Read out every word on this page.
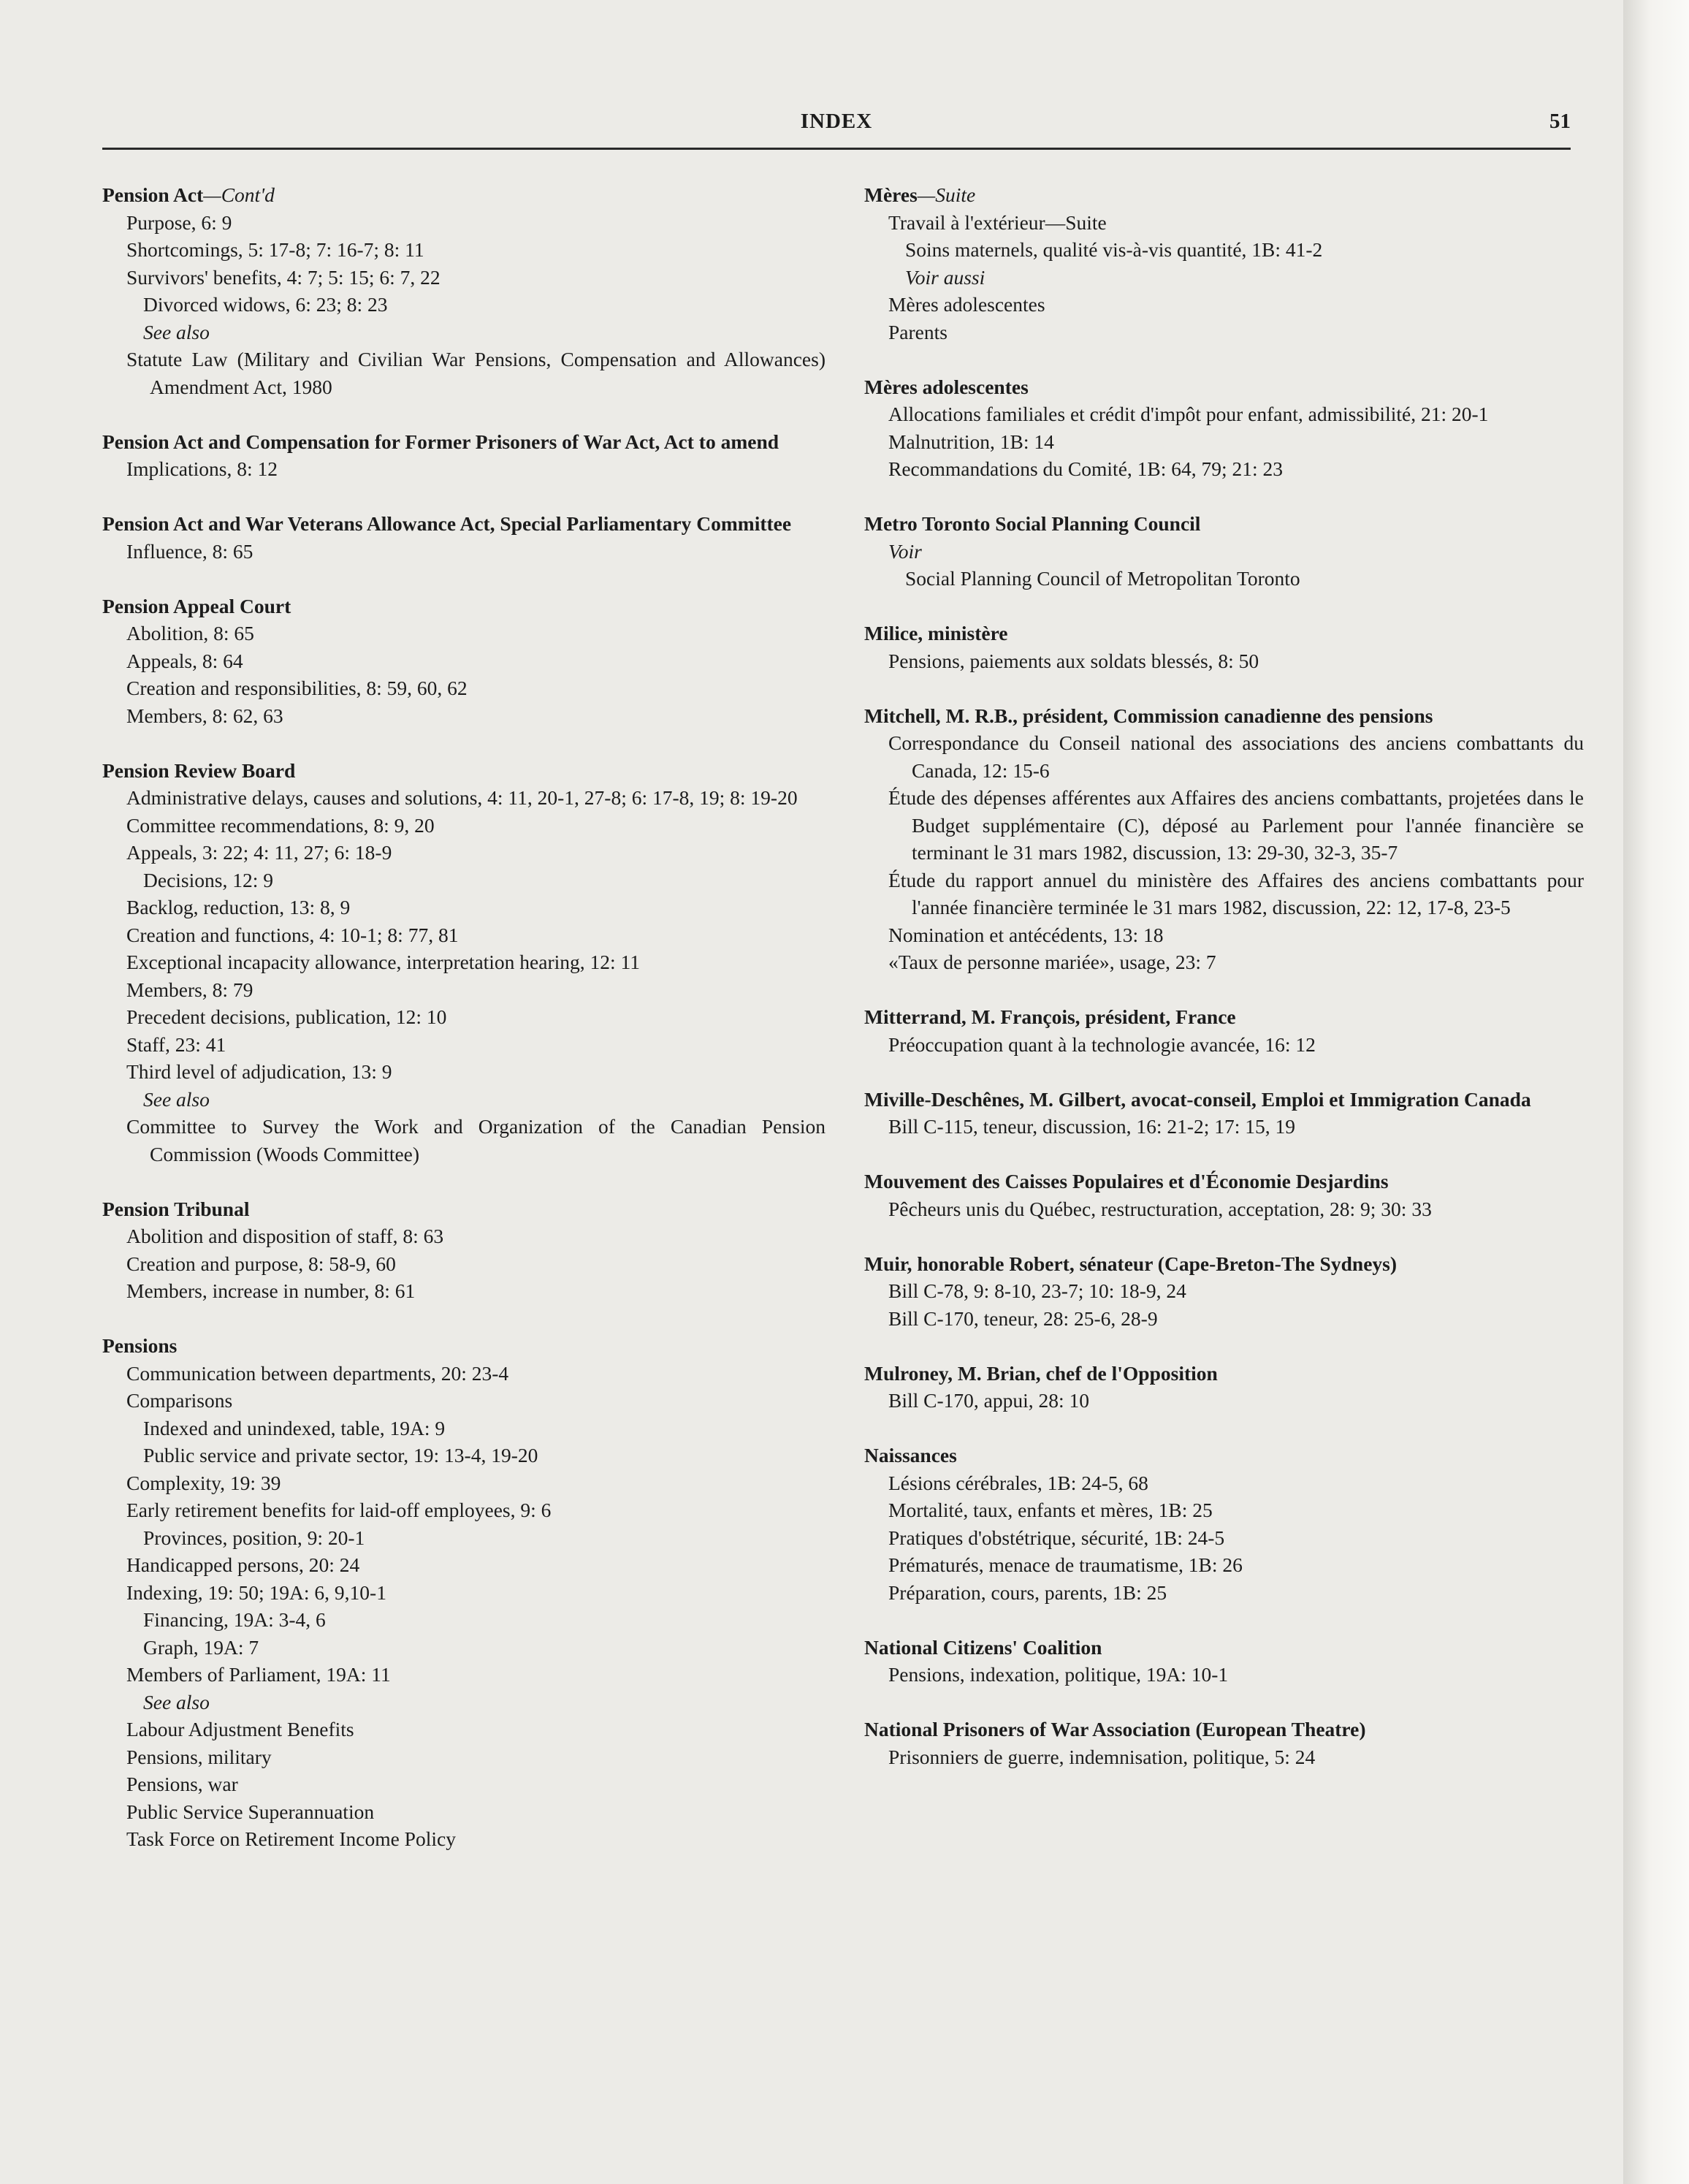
INDEX	51
Pension Act—Cont'd
Purpose, 6: 9
Shortcomings, 5: 17-8; 7: 16-7; 8: 11
Survivors' benefits, 4: 7; 5: 15; 6: 7, 22
Divorced widows, 6: 23; 8: 23
See also
Statute Law (Military and Civilian War Pensions, Compensation and Allowances) Amendment Act, 1980
Pension Act and Compensation for Former Prisoners of War Act, Act to amend
Implications, 8: 12
Pension Act and War Veterans Allowance Act, Special Parliamentary Committee
Influence, 8: 65
Pension Appeal Court
Abolition, 8: 65
Appeals, 8: 64
Creation and responsibilities, 8: 59, 60, 62
Members, 8: 62, 63
Pension Review Board
Administrative delays, causes and solutions, 4: 11, 20-1, 27-8; 6: 17-8, 19; 8: 19-20
Committee recommendations, 8: 9, 20
Appeals, 3: 22; 4: 11, 27; 6: 18-9
Decisions, 12: 9
Backlog, reduction, 13: 8, 9
Creation and functions, 4: 10-1; 8: 77, 81
Exceptional incapacity allowance, interpretation hearing, 12: 11
Members, 8: 79
Precedent decisions, publication, 12: 10
Staff, 23: 41
Third level of adjudication, 13: 9
See also
Committee to Survey the Work and Organization of the Canadian Pension Commission (Woods Committee)
Pension Tribunal
Abolition and disposition of staff, 8: 63
Creation and purpose, 8: 58-9, 60
Members, increase in number, 8: 61
Pensions
Communication between departments, 20: 23-4
Comparisons
Indexed and unindexed, table, 19A: 9
Public service and private sector, 19: 13-4, 19-20
Complexity, 19: 39
Early retirement benefits for laid-off employees, 9: 6
Provinces, position, 9: 20-1
Handicapped persons, 20: 24
Indexing, 19: 50; 19A: 6, 9,10-1
Financing, 19A: 3-4, 6
Graph, 19A: 7
Members of Parliament, 19A: 11
See also
Labour Adjustment Benefits
Pensions, military
Pensions, war
Public Service Superannuation
Task Force on Retirement Income Policy
Mères—Suite
Travail à l'extérieur—Suite
Soins maternels, qualité vis-à-vis quantité, 1B: 41-2
Voir aussi
Mères adolescentes
Parents
Mères adolescentes
Allocations familiales et crédit d'impôt pour enfant, admissibilité, 21: 20-1
Malnutrition, 1B: 14
Recommandations du Comité, 1B: 64, 79; 21: 23
Metro Toronto Social Planning Council
Voir
Social Planning Council of Metropolitan Toronto
Milice, ministère
Pensions, paiements aux soldats blessés, 8: 50
Mitchell, M. R.B., président, Commission canadienne des pensions
Correspondance du Conseil national des associations des anciens combattants du Canada, 12: 15-6
Étude des dépenses afférentes aux Affaires des anciens combattants, projetées dans le Budget supplémentaire (C), déposé au Parlement pour l'année financière se terminant le 31 mars 1982, discussion, 13: 29-30, 32-3, 35-7
Étude du rapport annuel du ministère des Affaires des anciens combattants pour l'année financière terminée le 31 mars 1982, discussion, 22: 12, 17-8, 23-5
Nomination et antécédents, 13: 18
«Taux de personne mariée», usage, 23: 7
Mitterrand, M. François, président, France
Préoccupation quant à la technologie avancée, 16: 12
Miville-Deschênes, M. Gilbert, avocat-conseil, Emploi et Immigration Canada
Bill C-115, teneur, discussion, 16: 21-2; 17: 15, 19
Mouvement des Caisses Populaires et d'Économie Desjardins
Pêcheurs unis du Québec, restructuration, acceptation, 28: 9; 30: 33
Muir, honorable Robert, sénateur (Cape-Breton-The Sydneys)
Bill C-78, 9: 8-10, 23-7; 10: 18-9, 24
Bill C-170, teneur, 28: 25-6, 28-9
Mulroney, M. Brian, chef de l'Opposition
Bill C-170, appui, 28: 10
Naissances
Lésions cérébrales, 1B: 24-5, 68
Mortalité, taux, enfants et mères, 1B: 25
Pratiques d'obstétrique, sécurité, 1B: 24-5
Prématurés, menace de traumatisme, 1B: 26
Préparation, cours, parents, 1B: 25
National Citizens' Coalition
Pensions, indexation, politique, 19A: 10-1
National Prisoners of War Association (European Theatre)
Prisonniers de guerre, indemnisation, politique, 5: 24
